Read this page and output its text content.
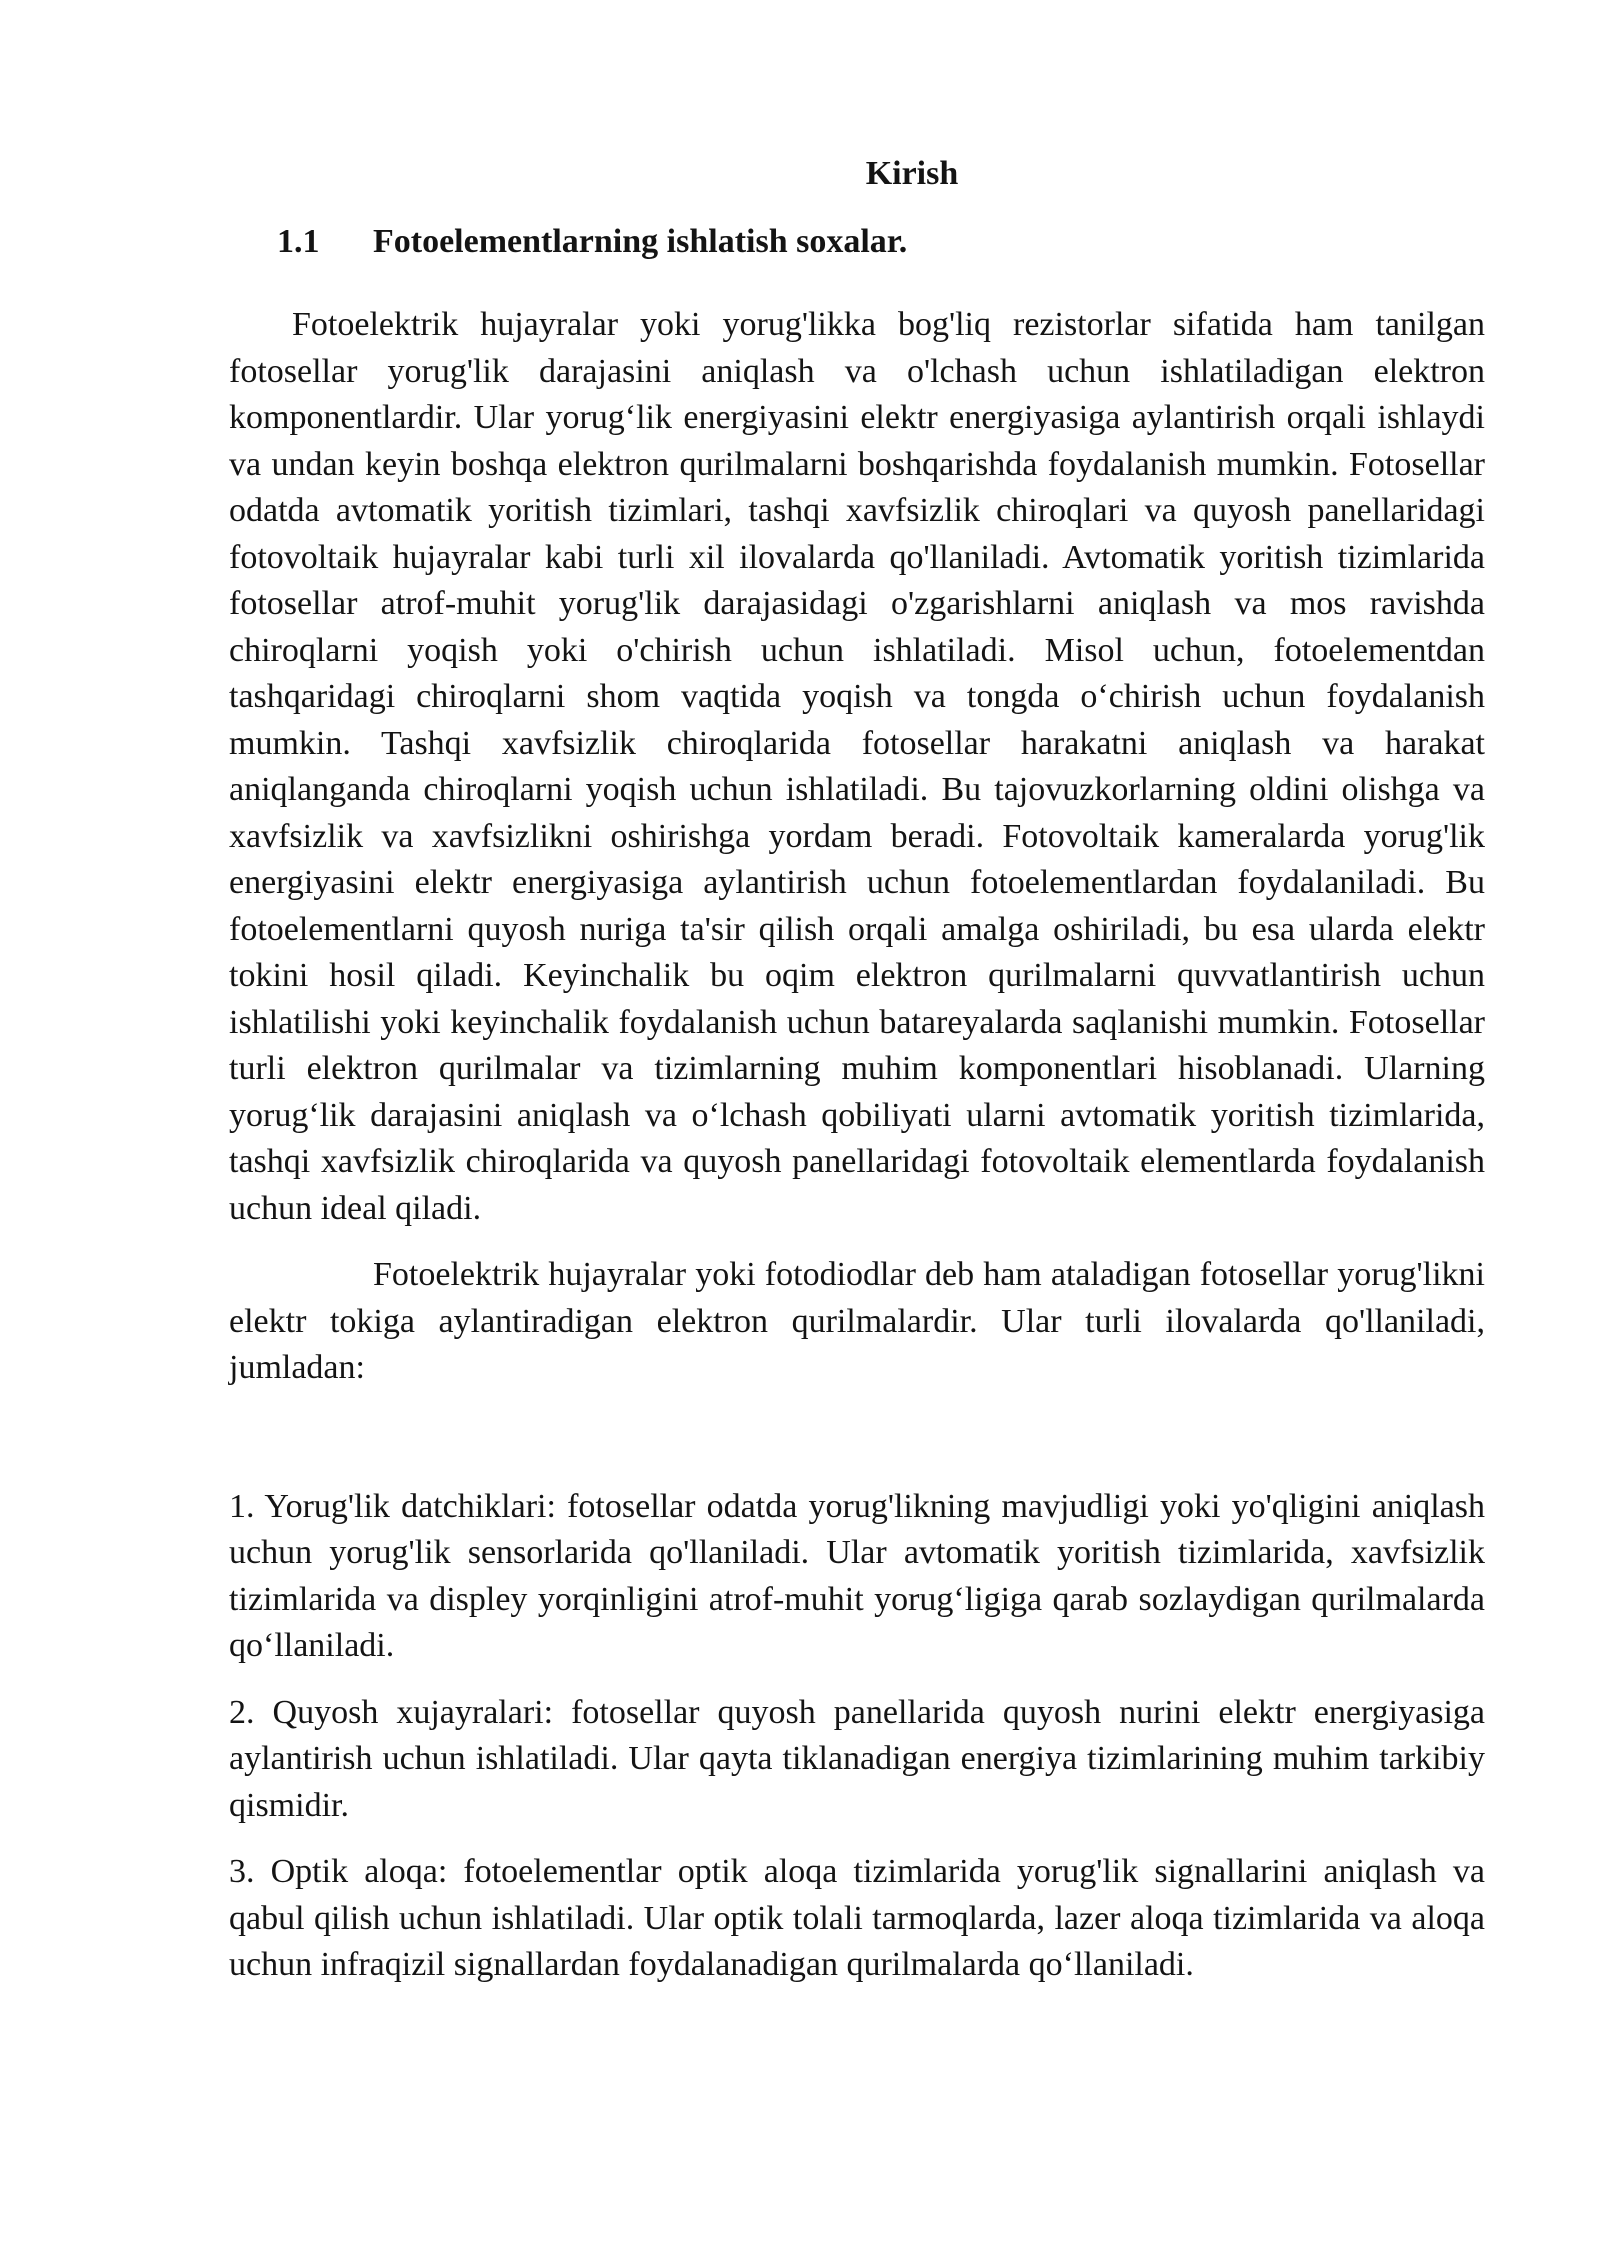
Kirish
1.1	Fotoelementlarning ishlatish soxalar.

Fotoelektrik hujayralar yoki yorug'likka bog'liq rezistorlar sifatida ham tanilgan fotosellar yorug'lik darajasini aniqlash va o'lchash uchun ishlatiladigan elektron komponentlardir. Ular yorug‘lik energiyasini elektr energiyasiga aylantirish orqali ishlaydi va undan keyin boshqa elektron qurilmalarni boshqarishda foydalanish mumkin. Fotosellar odatda avtomatik yoritish tizimlari, tashqi xavfsizlik chiroqlari va quyosh panellaridagi fotovoltaik hujayralar kabi turli xil ilovalarda qo'llaniladi. Avtomatik yoritish tizimlarida fotosellar atrof-muhit yorug'lik darajasidagi o'zgarishlarni aniqlash va mos ravishda chiroqlarni yoqish yoki o'chirish uchun ishlatiladi. Misol uchun, fotoelementdan tashqaridagi chiroqlarni shom vaqtida yoqish va tongda o‘chirish uchun foydalanish mumkin. Tashqi xavfsizlik chiroqlarida fotosellar harakatni aniqlash va harakat aniqlanganda chiroqlarni yoqish uchun ishlatiladi. Bu tajovuzkorlarning oldini olishga va xavfsizlik va xavfsizlikni oshirishga yordam beradi. Fotovoltaik kameralarda yorug'lik energiyasini elektr energiyasiga aylantirish uchun fotoelementlardan foydalaniladi. Bu fotoelementlarni quyosh nuriga ta'sir qilish orqali amalga oshiriladi, bu esa ularda elektr tokini hosil qiladi. Keyinchalik bu oqim elektron qurilmalarni quvvatlantirish uchun ishlatilishi yoki keyinchalik foydalanish uchun batareyalarda saqlanishi mumkin. Fotosellar turli elektron qurilmalar va tizimlarning muhim komponentlari hisoblanadi. Ularning yorug‘lik darajasini aniqlash va o‘lchash qobiliyati ularni avtomatik yoritish tizimlarida, tashqi xavfsizlik chiroqlarida va quyosh panellaridagi fotovoltaik elementlarda foydalanish uchun ideal qiladi.

Fotoelektrik hujayralar yoki fotodiodlar deb ham ataladigan fotosellar yorug'likni elektr tokiga aylantiradigan elektron qurilmalardir. Ular turli ilovalarda qo'llaniladi, jumladan:

1. Yorug'lik datchiklari: fotosellar odatda yorug'likning mavjudligi yoki yo'qligini aniqlash uchun yorug'lik sensorlarida qo'llaniladi. Ular avtomatik yoritish tizimlarida, xavfsizlik tizimlarida va displey yorqinligini atrof-muhit yorug‘ligiga qarab sozlaydigan qurilmalarda qo‘llaniladi.

2. Quyosh xujayralari: fotosellar quyosh panellarida quyosh nurini elektr energiyasiga aylantirish uchun ishlatiladi. Ular qayta tiklanadigan energiya tizimlarining muhim tarkibiy qismidir.

3. Optik aloqa: fotoelementlar optik aloqa tizimlarida yorug'lik signallarini aniqlash va qabul qilish uchun ishlatiladi. Ular optik tolali tarmoqlarda, lazer aloqa tizimlarida va aloqa uchun infraqizil signallardan foydalanadigan qurilmalarda qo‘llaniladi.
